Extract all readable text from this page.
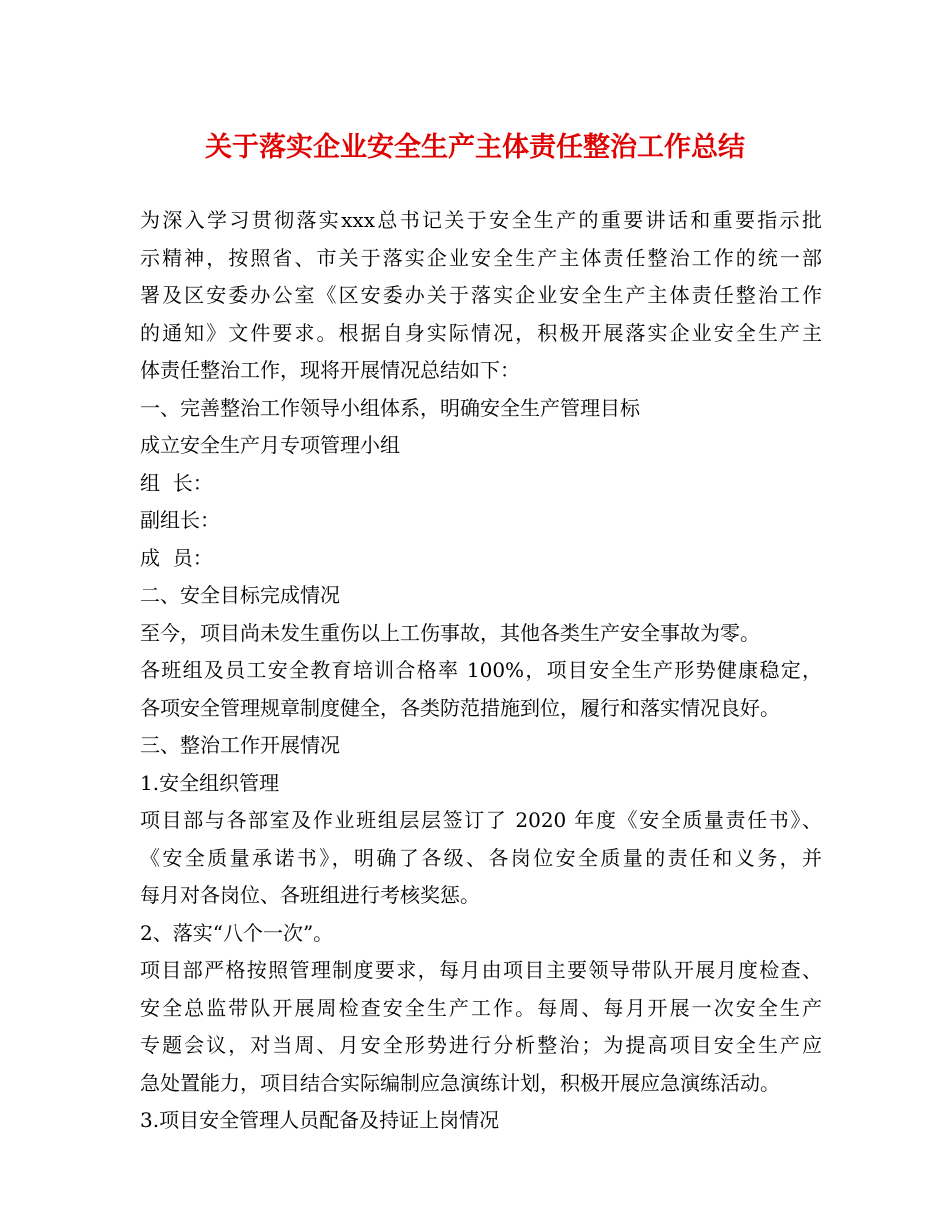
关于落实企业安全生产主体责任整治工作总结
为深入学习贯彻落实xxx总书记关于安全生产的重要讲话和重要指示批
示精神，按照省、市关于落实企业安全生产主体责任整治工作的统一部
署及区安委办公室《区安委办关于落实企业安全生产主体责任整治工作
的通知》文件要求。根据自身实际情况，积极开展落实企业安全生产主
体责任整治工作，现将开展情况总结如下：
一、完善整治工作领导小组体系，明确安全生产管理目标
成立安全生产月专项管理小组
组  长：
副组长：
成  员：
二、安全目标完成情况
至今，项目尚未发生重伤以上工伤事故，其他各类生产安全事故为零。
各班组及员工安全教育培训合格率 100%，项目安全生产形势健康稳定，
各项安全管理规章制度健全，各类防范措施到位，履行和落实情况良好。
三、整治工作开展情况
1.安全组织管理
项目部与各部室及作业班组层层签订了 2020 年度《安全质量责任书》、
《安全质量承诺书》，明确了各级、各岗位安全质量的责任和义务，并
每月对各岗位、各班组进行考核奖惩。
2、落实“八个一次”。
项目部严格按照管理制度要求，每月由项目主要领导带队开展月度检查、
安全总监带队开展周检查安全生产工作。每周、每月开展一次安全生产
专题会议，对当周、月安全形势进行分析整治；为提高项目安全生产应
急处置能力，项目结合实际编制应急演练计划，积极开展应急演练活动。
3.项目安全管理人员配备及持证上岗情况
